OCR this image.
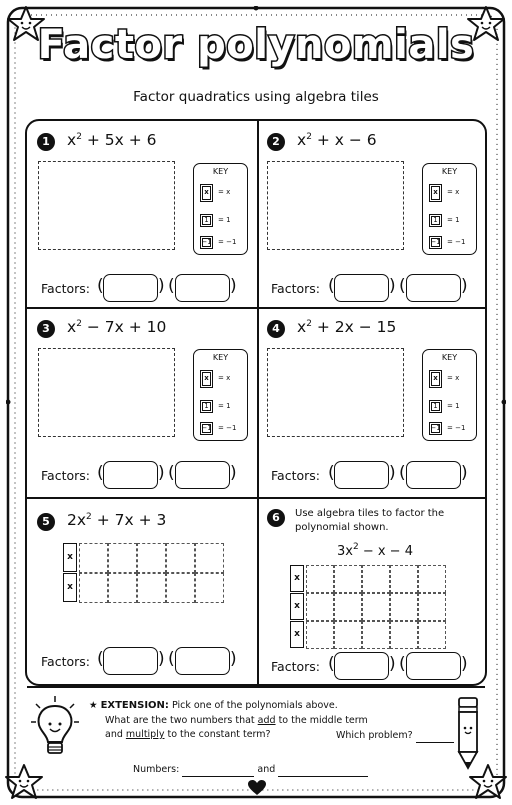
Factor polynomials
Factor quadratics using algebra tiles
1	$x^2 + 5x + 6$
KEY
x	= x
1	= 1
−1 = −1
Factors: (	) (	)
2	$x^2 + x - 6$
KEY
x	= x
1	= 1
−1 = −1
Factors: (	) (	)
3	$x^2 - 7x + 10$
KEY
x	= x
1	= 1
−1 = −1
Factors: (	) (	)
4	$x^2 + 2x - 15$
KEY
x	= x
1	= 1
−1 = −1
Factors: (	) (	)
5	$2x^2 + 7x + 3$
x
x
Factors: (	) (	)
6	Use algebra tiles to factor the polynomial shown.
$3x^2 - x - 4$
x
x
x
Factors: (	) (	)
★ EXTENSION: Pick one of the polynomials above.
What are the two numbers that add to the middle term
and multiply to the constant term?	Which problem?
Numbers:	and
